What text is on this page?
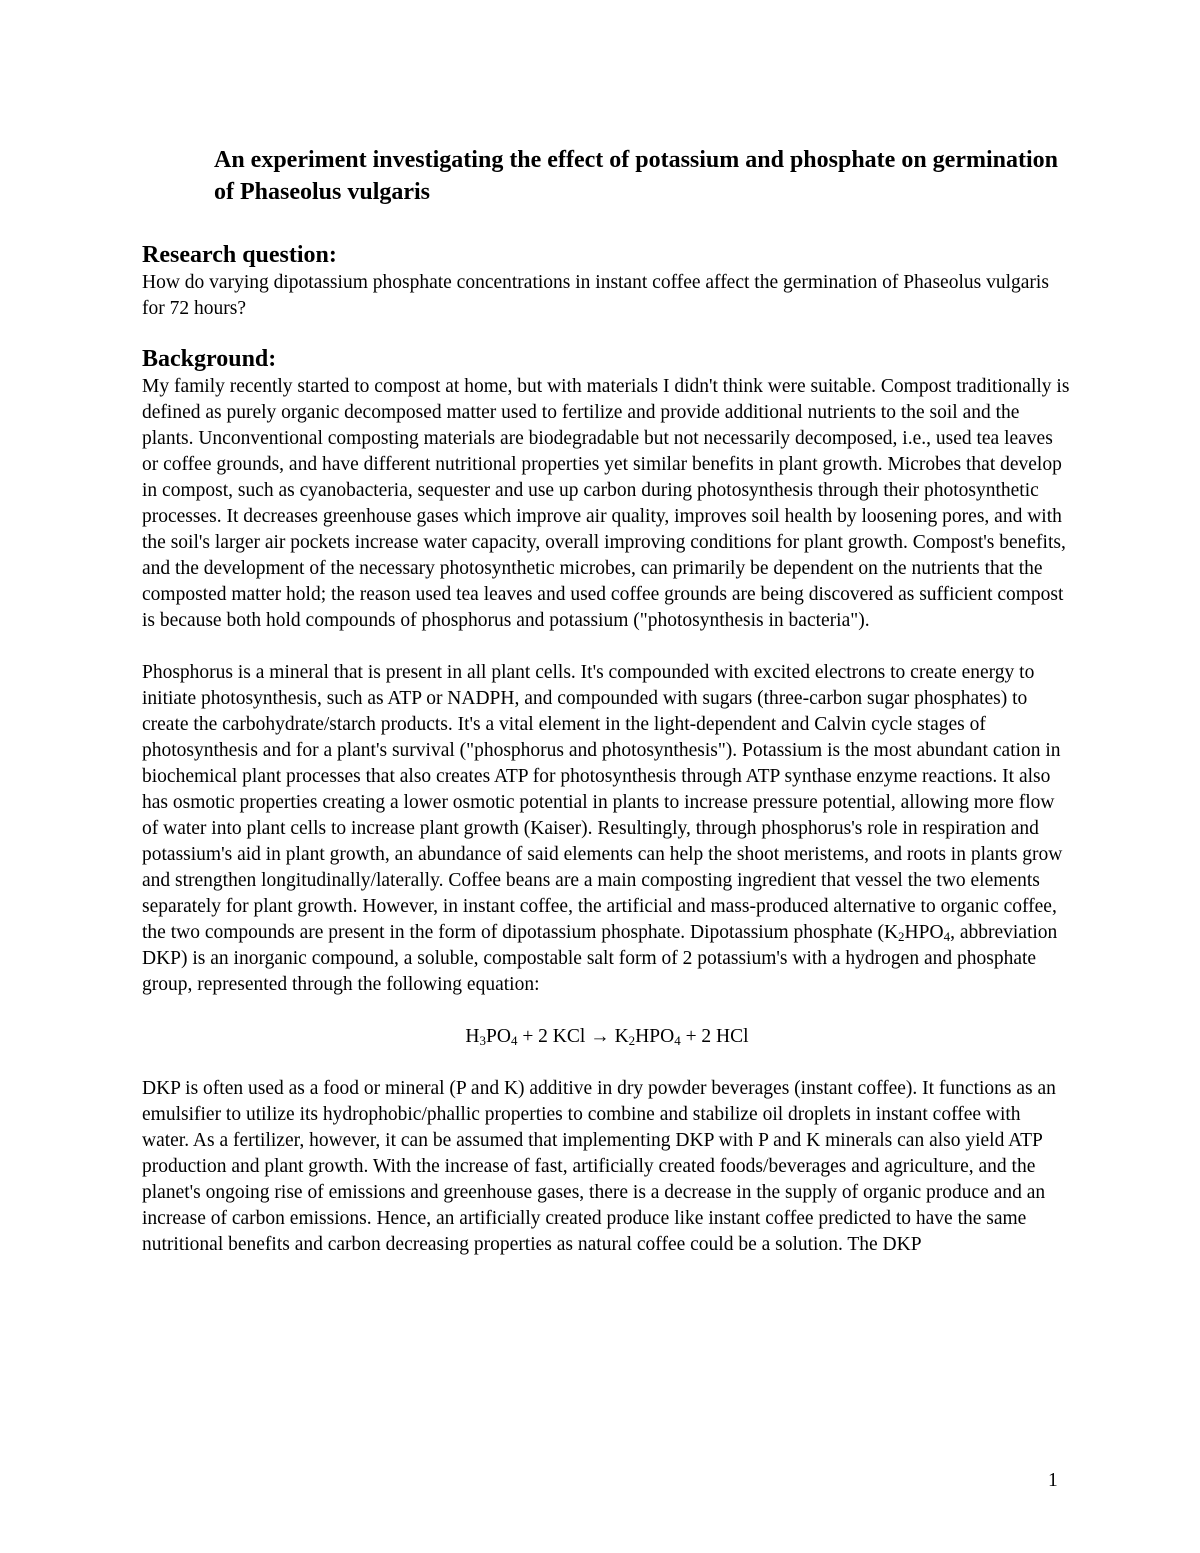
An experiment investigating the effect of potassium and phosphate on germination of Phaseolus vulgaris
Research question:

How do varying dipotassium phosphate concentrations in instant coffee affect the germination of Phaseolus vulgaris for 72 hours?

Background:

My family recently started to compost at home, but with materials I didn't think were suitable. Compost traditionally is defined as purely organic decomposed matter used to fertilize and provide additional nutrients to the soil and the plants. Unconventional composting materials are biodegradable but not necessarily decomposed, i.e., used tea leaves or coffee grounds, and have different nutritional properties yet similar benefits in plant growth. Microbes that develop in compost, such as cyanobacteria, sequester and use up carbon during photosynthesis through their photosynthetic processes. It decreases greenhouse gases which improve air quality, improves soil health by loosening pores, and with the soil's larger air pockets increase water capacity, overall improving conditions for plant growth. Compost's benefits, and the development of the necessary photosynthetic microbes, can primarily be dependent on the nutrients that the composted matter hold; the reason used tea leaves and used coffee grounds are being discovered as sufficient compost is because both hold compounds of phosphorus and potassium ("photosynthesis in bacteria").

Phosphorus is a mineral that is present in all plant cells. It's compounded with excited electrons to create energy to initiate photosynthesis, such as ATP or NADPH, and compounded with sugars (three-carbon sugar phosphates) to create the carbohydrate/starch products. It's a vital element in the light-dependent and Calvin cycle stages of photosynthesis and for a plant's survival ("phosphorus and photosynthesis"). Potassium is the most abundant cation in biochemical plant processes that also creates ATP for photosynthesis through ATP synthase enzyme reactions. It also has osmotic properties creating a lower osmotic potential in plants to increase pressure potential, allowing more flow of water into plant cells to increase plant growth (Kaiser). Resultingly, through phosphorus's role in respiration and potassium's aid in plant growth, an abundance of said elements can help the shoot meristems, and roots in plants grow and strengthen longitudinally/laterally. Coffee beans are a main composting ingredient that vessel the two elements separately for plant growth. However, in instant coffee, the artificial and mass-produced alternative to organic coffee, the two compounds are present in the form of dipotassium phosphate. Dipotassium phosphate ($K_2HPO_4$, abbreviation DKP) is an inorganic compound, a soluble, compostable salt form of 2 potassium's with a hydrogen and phosphate group, represented through the following equation:

$H_3PO_4 + 2$ KCl → $K_2HPO_4 + 2$ HCl

DKP is often used as a food or mineral (P and K) additive in dry powder beverages (instant coffee). It functions as an emulsifier to utilize its hydrophobic/phallic properties to combine and stabilize oil droplets in instant coffee with water. As a fertilizer, however, it can be assumed that implementing DKP with P and K minerals can also yield ATP production and plant growth. With the increase of fast, artificially created foods/beverages and agriculture, and the planet's ongoing rise of emissions and greenhouse gases, there is a decrease in the supply of organic produce and an increase of carbon emissions. Hence, an artificially created produce like instant coffee predicted to have the same nutritional benefits and carbon decreasing properties as natural coffee could be a solution. The DKP

1
